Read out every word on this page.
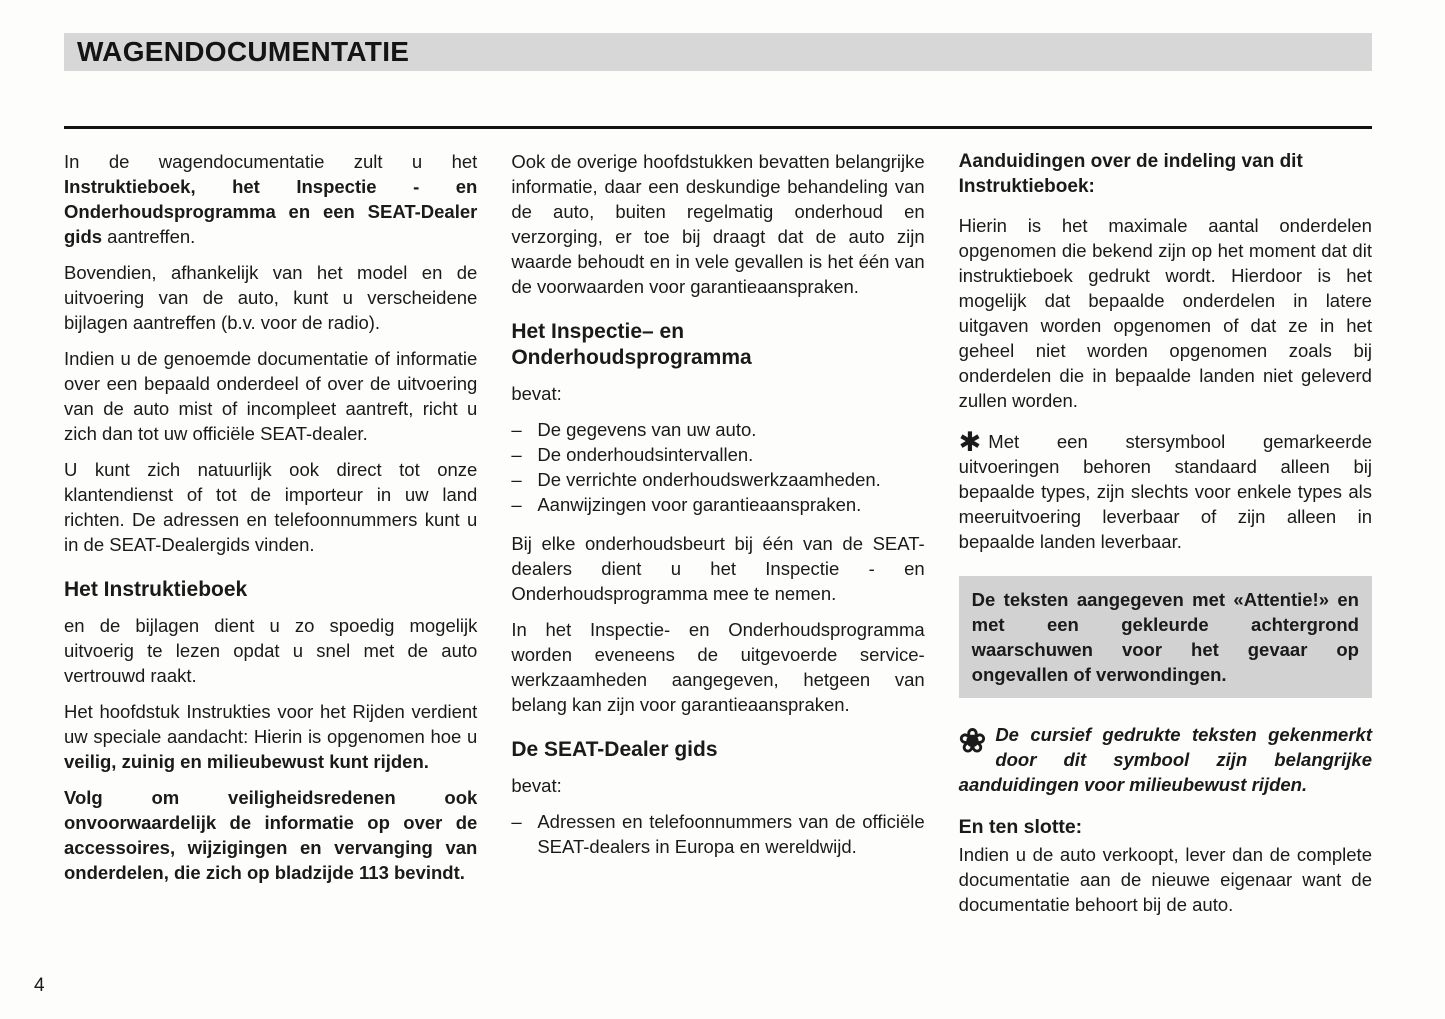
WAGENDOCUMENTATIE

In de wagendocumentatie zult u het Instruktieboek, het Inspectie - en Onderhoudsprogramma en een SEAT-Dealer gids aantreffen.

Bovendien, afhankelijk van het model en de uitvoering van de auto, kunt u verscheidene bijlagen aantreffen (b.v. voor de radio).

Indien u de genoemde documentatie of informatie over een bepaald onderdeel of over de uitvoering van de auto mist of incompleet aantreft, richt u zich dan tot uw officiële SEAT-dealer.

U kunt zich natuurlijk ook direct tot onze klantendienst of tot de importeur in uw land richten. De adressen en telefoonnummers kunt u in de SEAT-Dealergids vinden.

Het Instruktieboek

en de bijlagen dient u zo spoedig mogelijk uitvoerig te lezen opdat u snel met de auto vertrouwd raakt.

Het hoofdstuk Instrukties voor het Rijden verdient uw speciale aandacht: Hierin is opgenomen hoe u veilig, zuinig en milieubewust kunt rijden.

Volg om veiligheidsredenen ook onvoorwaardelijk de informatie op over de accessoires, wijzigingen en vervanging van onderdelen, die zich op bladzijde 113 bevindt.

Ook de overige hoofdstukken bevatten belangrijke informatie, daar een deskundige behandeling van de auto, buiten regelmatig onderhoud en verzorging, er toe bij draagt dat de auto zijn waarde behoudt en in vele gevallen is het één van de voorwaarden voor garantieaanspraken.

Het Inspectie– en Onderhoudsprogramma

bevat:

– De gegevens van uw auto.
– De onderhoudsintervallen.
– De verrichte onderhoudswerkzaamheden.
– Aanwijzingen voor garantieaanspraken.

Bij elke onderhoudsbeurt bij één van de SEAT-dealers dient u het Inspectie - en Onderhoudsprogramma mee te nemen.

In het Inspectie- en Onderhoudsprogramma worden eveneens de uitgevoerde service-werkzaamheden aangegeven, hetgeen van belang kan zijn voor garantieaanspraken.

De SEAT-Dealer gids

bevat:

– Adressen en telefoonnummers van de officiële SEAT-dealers in Europa en wereldwijd.
Aanduidingen over de indeling van dit Instruktieboek:

Hierin is het maximale aantal onderdelen opgenomen die bekend zijn op het moment dat dit instruktieboek gedrukt wordt. Hierdoor is het mogelijk dat bepaalde onderdelen in latere uitgaven worden opgenomen of dat ze in het geheel niet worden opgenomen zoals bij onderdelen die in bepaalde landen niet geleverd zullen worden.

✱ Met een stersymbool gemarkeerde uitvoeringen behoren standaard alleen bij bepaalde types, zijn slechts voor enkele types als meeruitvoering leverbaar of zijn alleen in bepaalde landen leverbaar.

De teksten aangegeven met «Attentie!» en met een gekleurde achtergrond waarschuwen voor het gevaar op ongevallen of verwondingen.

❀ De cursief gedrukte teksten gekenmerkt door dit symbool zijn belangrijke aanduidingen voor milieubewust rijden.

En ten slotte:

Indien u de auto verkoopt, lever dan de complete documentatie aan de nieuwe eigenaar want de documentatie behoort bij de auto.

4
